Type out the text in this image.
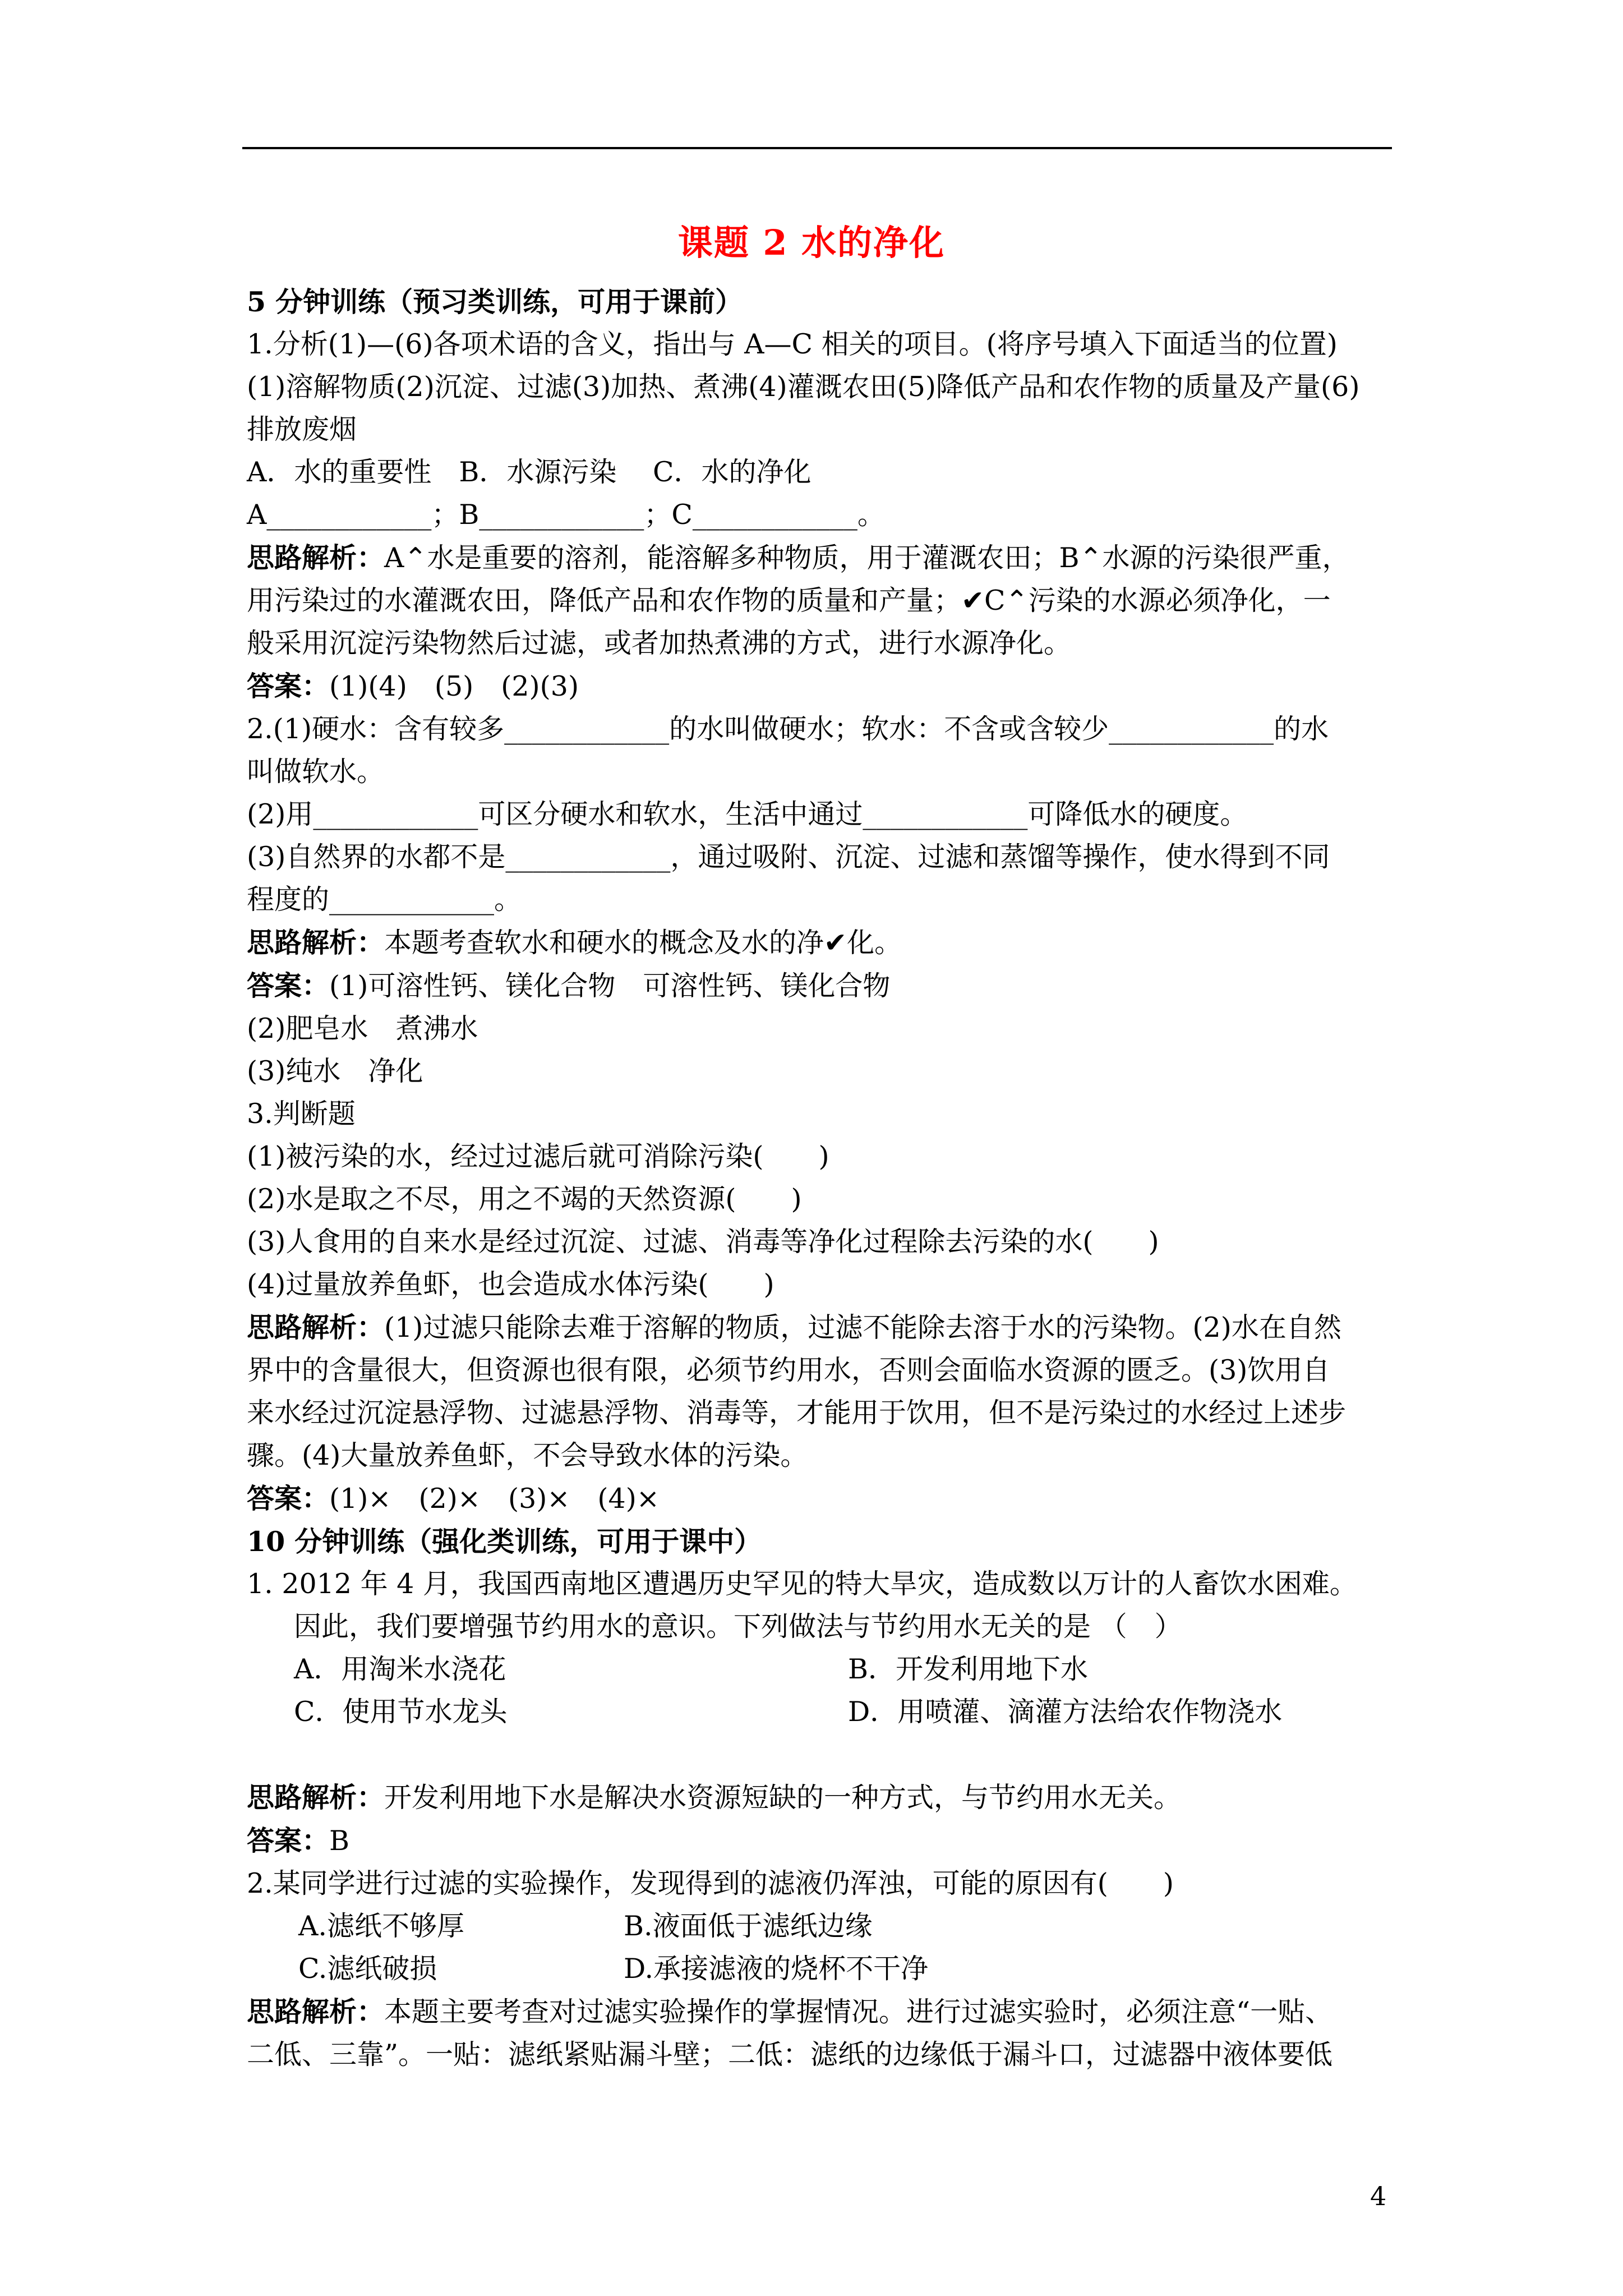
课题 2 水的净化

5 分钟训练（预习类训练，可用于课前）

1.分析(1)—(6)各项术语的含义，指出与 A—C 相关的项目。(将序号填入下面适当的位置)

(1)溶解物质(2)沉淀、过滤(3)加热、煮沸(4)灌溉农田(5)降低产品和农作物的质量及产量(6)

排放废烟

A．水的重要性　B．水源污染　 C．水的净化

A____________；B____________；C____________。

思路解析：A⌃水是重要的溶剂，能溶解多种物质，用于灌溉农田；B⌃水源的污染很严重，

用污染过的水灌溉农田，降低产品和农作物的质量和产量；✔C⌃污染的水源必须净化，一

般采用沉淀污染物然后过滤，或者加热煮沸的方式，进行水源净化。

答案：(1)(4)　(5)　(2)(3)

2.(1)硬水：含有较多____________的水叫做硬水；软水：不含或含较少____________的水

叫做软水。

(2)用____________可区分硬水和软水，生活中通过____________可降低水的硬度。

(3)自然界的水都不是____________，通过吸附、沉淀、过滤和蒸馏等操作，使水得到不同

程度的____________。

思路解析：本题考查软水和硬水的概念及水的净✔化。

答案：(1)可溶性钙、镁化合物　可溶性钙、镁化合物

(2)肥皂水　煮沸水

(3)纯水　净化

3.判断题

(1)被污染的水，经过过滤后就可消除污染(　　)

(2)水是取之不尽，用之不竭的天然资源(　　)

(3)人食用的自来水是经过沉淀、过滤、消毒等净化过程除去污染的水(　　)

(4)过量放养鱼虾，也会造成水体污染(　　)

思路解析：(1)过滤只能除去难于溶解的物质，过滤不能除去溶于水的污染物。(2)水在自然

界中的含量很大，但资源也很有限，必须节约用水，否则会面临水资源的匮乏。(3)饮用自

来水经过沉淀悬浮物、过滤悬浮物、消毒等，才能用于饮用，但不是污染过的水经过上述步

骤。(4)大量放养鱼虾，不会导致水体的污染。

答案：(1)×　(2)×　(3)×　(4)×

10 分钟训练（强化类训练，可用于课中）

1. 2012 年 4 月，我国西南地区遭遇历史罕见的特大旱灾，造成数以万计的人畜饮水困难。

因此，我们要增强节约用水的意识。下列做法与节约用水无关的是 （　）

A．用淘米水浇花	B．开发利用地下水
C．使用节水龙头	D．用喷灌、滴灌方法给农作物浇水

思路解析：开发利用地下水是解决水资源短缺的一种方式，与节约用水无关。

答案：B

2.某同学进行过滤的实验操作，发现得到的滤液仍浑浊，可能的原因有(　　)

A.滤纸不够厚	B.液面低于滤纸边缘
C.滤纸破损	D.承接滤液的烧杯不干净

思路解析：本题主要考查对过滤实验操作的掌握情况。进行过滤实验时，必须注意“一贴、

二低、三靠”。一贴：滤纸紧贴漏斗壁；二低：滤纸的边缘低于漏斗口，过滤器中液体要低

4
